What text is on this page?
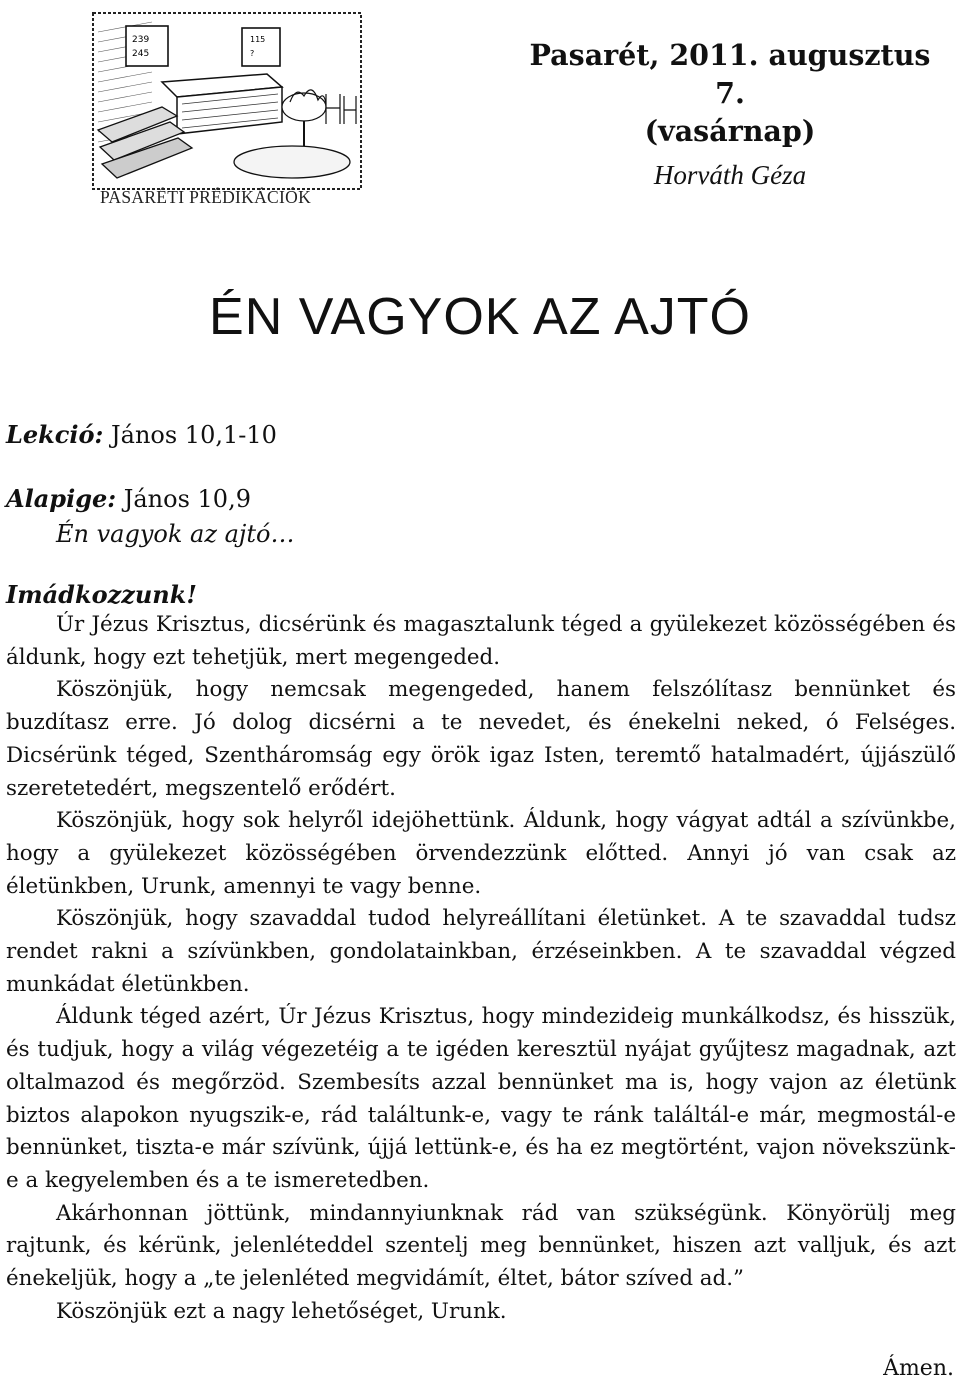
239
245
115
?
PASARÉTI PRÉDIKÁCIÓK
Pasarét, 2011. augusztus 7.
(vasárnap)
Horváth Géza
ÉN VAGYOK AZ AJTÓ
Lekció: János 10,1-10
Alapige: János 10,9
Én vagyok az ajtó…
Imádkozzunk!

Úr Jézus Krisztus, dicsérünk és magasztalunk téged a gyülekezet közösségében és áldunk, hogy ezt tehetjük, mert megengeded.

Köszönjük, hogy nemcsak megengeded, hanem felszólítasz bennünket és buzdítasz erre. Jó dolog dicsérni a te nevedet, és énekelni neked, ó Felséges. Dicsérünk téged, Szentháromság egy örök igaz Isten, teremtő hatalmadért, újjászülő szeretetedért, megszentelő erődért.

Köszönjük, hogy sok helyről idejöhettünk. Áldunk, hogy vágyat adtál a szívünkbe, hogy a gyülekezet közösségében örvendezzünk előtted. Annyi jó van csak az életünkben, Urunk, amennyi te vagy benne.

Köszönjük, hogy szavaddal tudod helyreállítani életünket. A te szavaddal tudsz rendet rakni a szívünkben, gondolatainkban, érzéseinkben. A te szavaddal végzed munkádat életünkben.

Áldunk téged azért, Úr Jézus Krisztus, hogy mindezideig munkálkodsz, és hisszük, és tudjuk, hogy a világ végezetéig a te igéden keresztül nyájat gyűjtesz magadnak, azt oltalmazod és megőrzöd. Szembesíts azzal bennünket ma is, hogy vajon az életünk biztos alapokon nyugszik-e, rád találtunk-e, vagy te ránk találtál-e már, megmostál-e bennünket, tiszta-e már szívünk, újjá lettünk-e, és ha ez megtörtént, vajon növekszünk-e a kegyelemben és a te ismeretedben.

Akárhonnan jöttünk, mindannyiunknak rád van szükségünk. Könyörülj meg rajtunk, és kérünk, jelenléteddel szentelj meg bennünket, hiszen azt valljuk, és azt énekeljük, hogy a „te jelenléted megvidámít, éltet, bátor szíved ad.”

Köszönjük ezt a nagy lehetőséget, Urunk.

Ámen.
